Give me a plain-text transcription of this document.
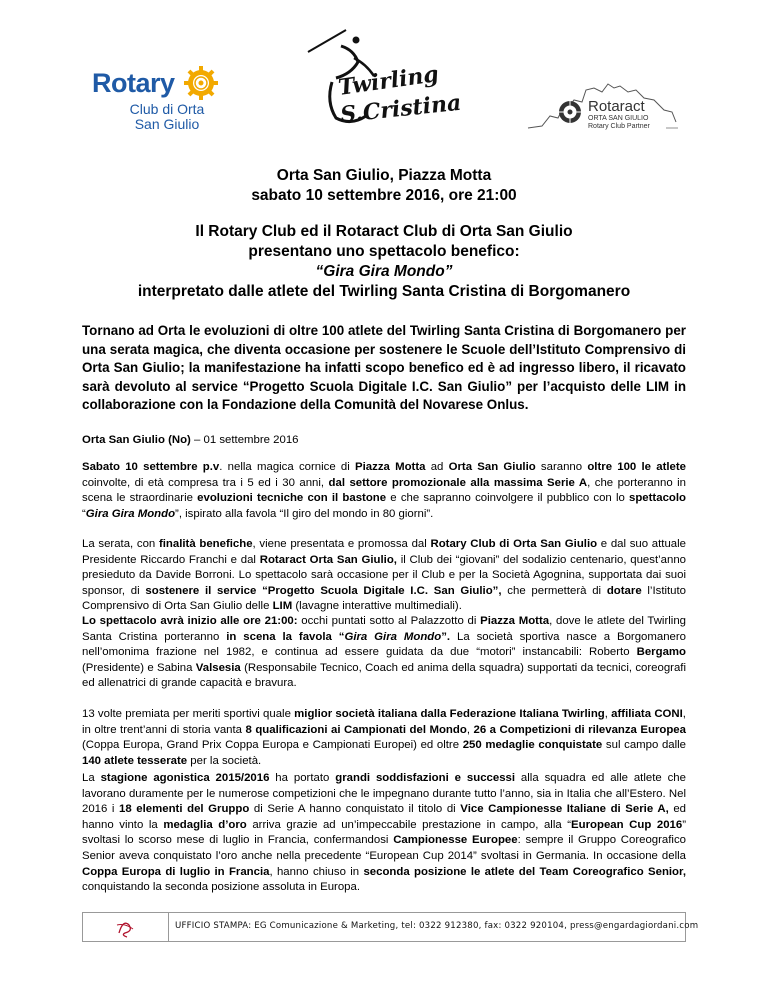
Rotary
Club di Orta
San Giulio
Twirling
S.Cristina	Rotaract
ORTA SAN GIULIO
Rotary Club Partner
Orta San Giulio, Piazza Motta
sabato 10 settembre 2016, ore 21:00
Il Rotary Club ed il Rotaract Club di Orta San Giulio
presentano uno spettacolo benefico:
“Gira Gira Mondo”
interpretato dalle atlete del Twirling Santa Cristina di Borgomanero
Tornano ad Orta le evoluzioni di oltre 100 atlete del Twirling Santa Cristina di Borgomanero per una serata magica, che diventa occasione per sostenere le Scuole dell’Istituto Comprensivo di Orta San Giulio; la manifestazione ha infatti scopo benefico ed è ad ingresso libero, il ricavato sarà devoluto al service “Progetto Scuola Digitale I.C. San Giulio” per l’acquisto delle LIM in collaborazione con la Fondazione della Comunità del Novarese Onlus.
Orta San Giulio (No) – 01 settembre 2016
Sabato 10 settembre p.v. nella magica cornice di Piazza Motta ad Orta San Giulio saranno oltre 100 le atlete coinvolte, di età compresa tra i 5 ed i 30 anni, dal settore promozionale alla massima Serie A, che porteranno in scena le straordinarie evoluzioni tecniche con il bastone e che sapranno coinvolgere il pubblico con lo spettacolo “Gira Gira Mondo”, ispirato alla favola “Il giro del mondo in 80 giorni”.
La serata, con finalità benefiche, viene presentata e promossa dal Rotary Club di Orta San Giulio e dal suo attuale Presidente Riccardo Franchi e dal Rotaract Orta San Giulio, il Club dei “giovani” del sodalizio centenario, quest’anno presieduto da Davide Borroni. Lo spettacolo sarà occasione per il Club e per la Società Agognina, supportata dai suoi sponsor, di sostenere il service “Progetto Scuola Digitale I.C. San Giulio”, che permetterà di dotare l’Istituto Comprensivo di Orta San Giulio delle LIM (lavagne interattive multimediali).
Lo spettacolo avrà inizio alle ore 21:00: occhi puntati sotto al Palazzotto di Piazza Motta, dove le atlete del Twirling Santa Cristina porteranno in scena la favola “Gira Gira Mondo”. La società sportiva nasce a Borgomanero nell’omonima frazione nel 1982, e continua ad essere guidata da due “motori” instancabili: Roberto Bergamo (Presidente) e Sabina Valsesia (Responsabile Tecnico, Coach ed anima della squadra) supportati da tecnici, coreografi ed allenatrici di grande capacità e bravura.
13 volte premiata per meriti sportivi quale miglior società italiana dalla Federazione Italiana Twirling, affiliata CONI, in oltre trent’anni di storia vanta 8 qualificazioni ai Campionati del Mondo, 26 a Competizioni di rilevanza Europea (Coppa Europa, Grand Prix Coppa Europa e Campionati Europei) ed oltre 250 medaglie conquistate sul campo dalle 140 atlete tesserate per la società.
La stagione agonistica 2015/2016 ha portato grandi soddisfazioni e successi alla squadra ed alle atlete che lavorano duramente per le numerose competizioni che le impegnano durante tutto l’anno, sia in Italia che all’Estero. Nel 2016 i 18 elementi del Gruppo di Serie A hanno conquistato il titolo di Vice Campionesse Italiane di Serie A, ed hanno vinto la medaglia d’oro arriva grazie ad un’impeccabile prestazione in campo, alla “European Cup 2016” svoltasi lo scorso mese di luglio in Francia, confermandosi Campionesse Europee: sempre il Gruppo Coreografico Senior aveva conquistato l’oro anche nella precedente “European Cup 2014” svoltasi in Germania. In occasione della Coppa Europa di luglio in Francia, hanno chiuso in seconda posizione le atlete del Team Coreografico Senior, conquistando la seconda posizione assoluta in Europa.
UFFICIO STAMPA: EG Comunicazione & Marketing, tel: 0322 912380, fax: 0322 920104, press@engardagiordani.com
